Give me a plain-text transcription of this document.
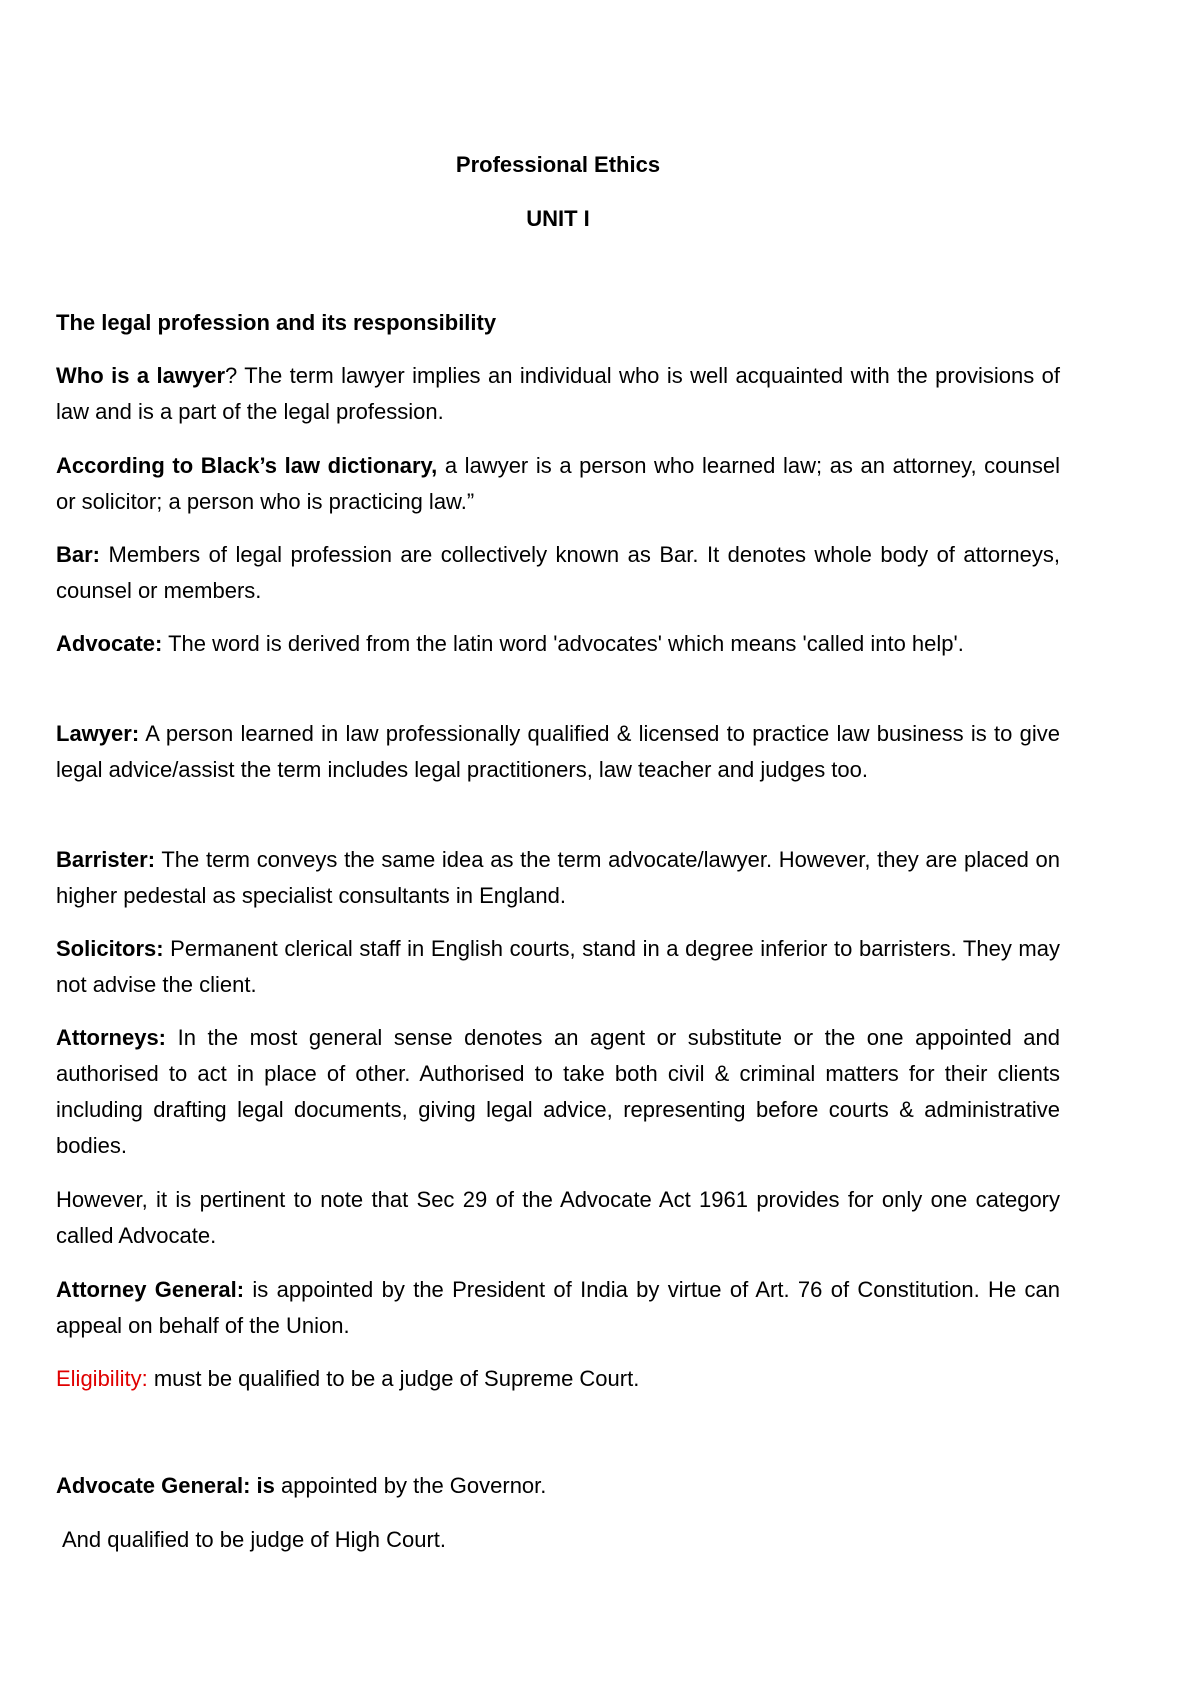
Professional Ethics
UNIT I
The legal profession and its responsibility
Who is a lawyer? The term lawyer implies an individual who is well acquainted with the provisions of law and is a part of the legal profession.
According to Black’s law dictionary, a lawyer is a person who learned law; as an attorney, counsel or solicitor; a person who is practicing law.”
Bar: Members of legal profession are collectively known as Bar. It denotes whole body of attorneys, counsel or members.
Advocate: The word is derived from the latin word 'advocates' which means 'called into help'.
Lawyer: A person learned in law professionally qualified & licensed to practice law business is to give legal advice/assist the term includes legal practitioners, law teacher and judges too.
Barrister: The term conveys the same idea as the term advocate/lawyer. However, they are placed on higher pedestal as specialist consultants in England.
Solicitors: Permanent clerical staff in English courts, stand in a degree inferior to barristers. They may not advise the client.
Attorneys: In the most general sense denotes an agent or substitute or the one appointed and authorised to act in place of other. Authorised to take both civil & criminal matters for their clients including drafting legal documents, giving legal advice, representing before courts & administrative bodies.
However, it is pertinent to note that Sec 29 of the Advocate Act 1961 provides for only one category called Advocate.
Attorney General: is appointed by the President of India by virtue of Art. 76 of Constitution. He can appeal on behalf of the Union.
Eligibility: must be qualified to be a judge of Supreme Court.
Advocate General: is appointed by the Governor.
And qualified to be judge of High Court.
